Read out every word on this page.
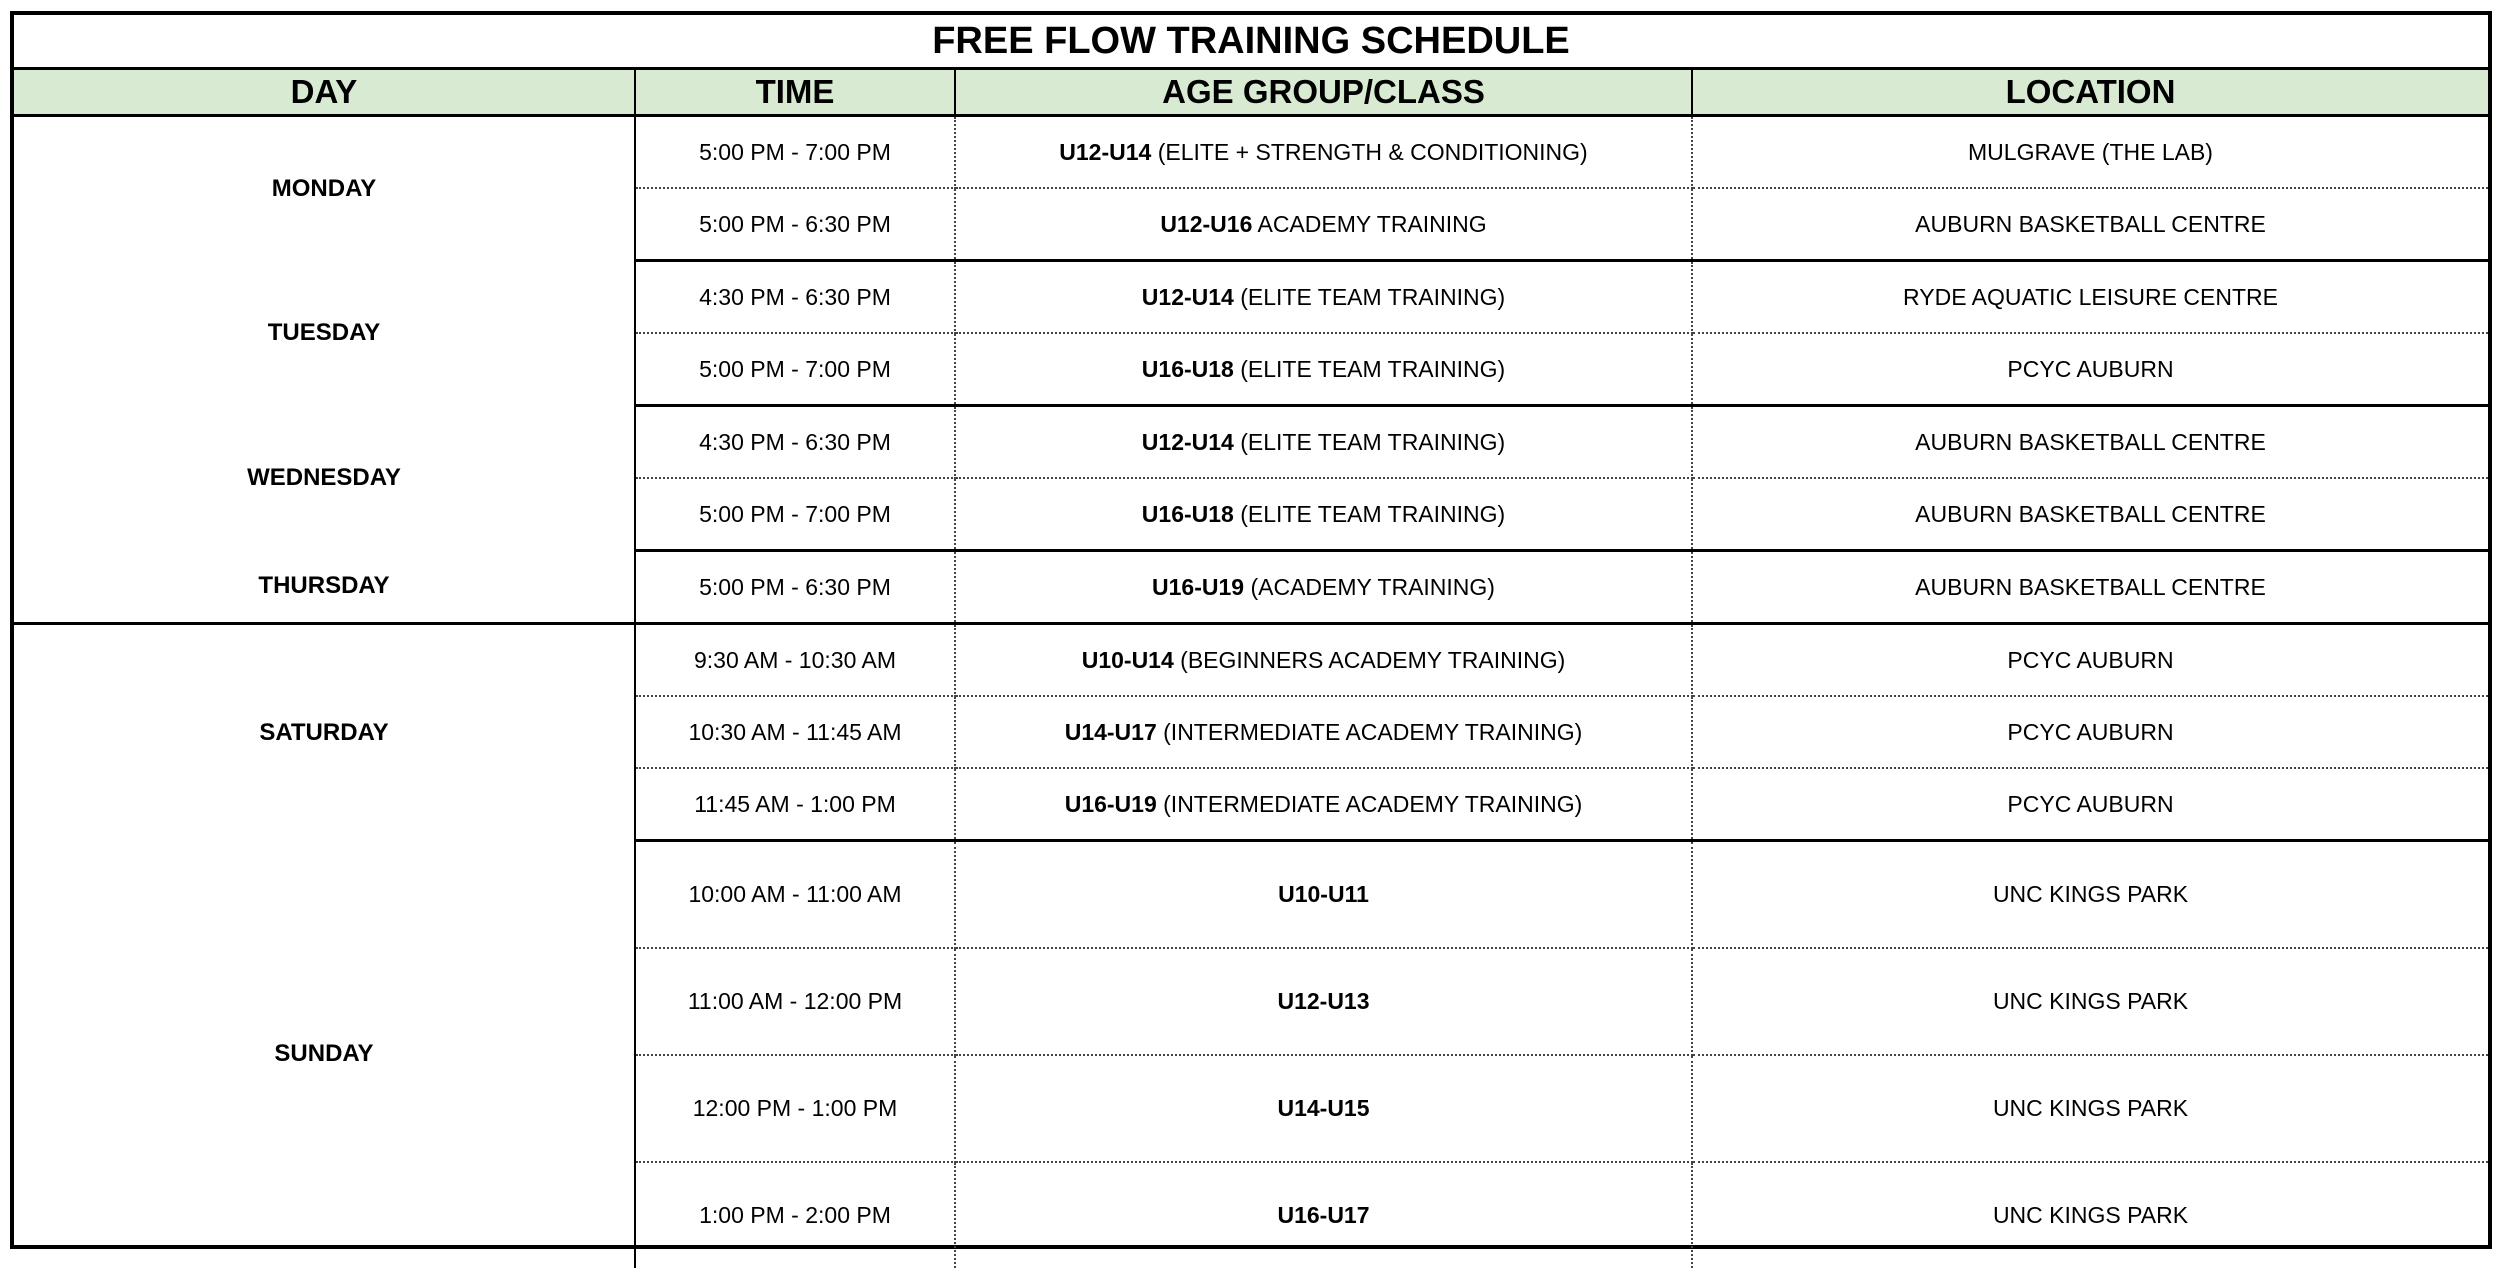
FREE FLOW TRAINING SCHEDULE			
DAY	TIME	AGE GROUP/CLASS	LOCATION
MONDAY	5:00 PM - 7:00 PM	U12-U14 (ELITE + STRENGTH & CONDITIONING)	MULGRAVE (THE LAB)
	5:00 PM - 6:30 PM	U12-U16 ACADEMY TRAINING	AUBURN BASKETBALL CENTRE
TUESDAY	4:30 PM - 6:30 PM	U12-U14 (ELITE TEAM TRAINING)	RYDE AQUATIC LEISURE CENTRE
	5:00 PM - 7:00 PM	U16-U18 (ELITE TEAM TRAINING)	PCYC AUBURN
WEDNESDAY	4:30 PM - 6:30 PM	U12-U14 (ELITE TEAM TRAINING)	AUBURN BASKETBALL CENTRE
	5:00 PM - 7:00 PM	U16-U18 (ELITE TEAM TRAINING)	AUBURN BASKETBALL CENTRE
THURSDAY	5:00 PM - 6:30 PM	U16-U19 (ACADEMY TRAINING)	AUBURN BASKETBALL CENTRE
SATURDAY	9:30 AM - 10:30 AM	U10-U14 (BEGINNERS ACADEMY TRAINING)	PCYC AUBURN
	10:30 AM - 11:45 AM	U14-U17 (INTERMEDIATE ACADEMY TRAINING)	PCYC AUBURN
	11:45 AM - 1:00 PM	U16-U19 (INTERMEDIATE ACADEMY TRAINING)	PCYC AUBURN
SUNDAY	10:00 AM - 11:00 AM	U10-U11	UNC KINGS PARK
	11:00 AM - 12:00 PM	U12-U13	UNC KINGS PARK
	12:00 PM - 1:00 PM	U14-U15	UNC KINGS PARK
	1:00 PM - 2:00 PM	U16-U17	UNC KINGS PARK
